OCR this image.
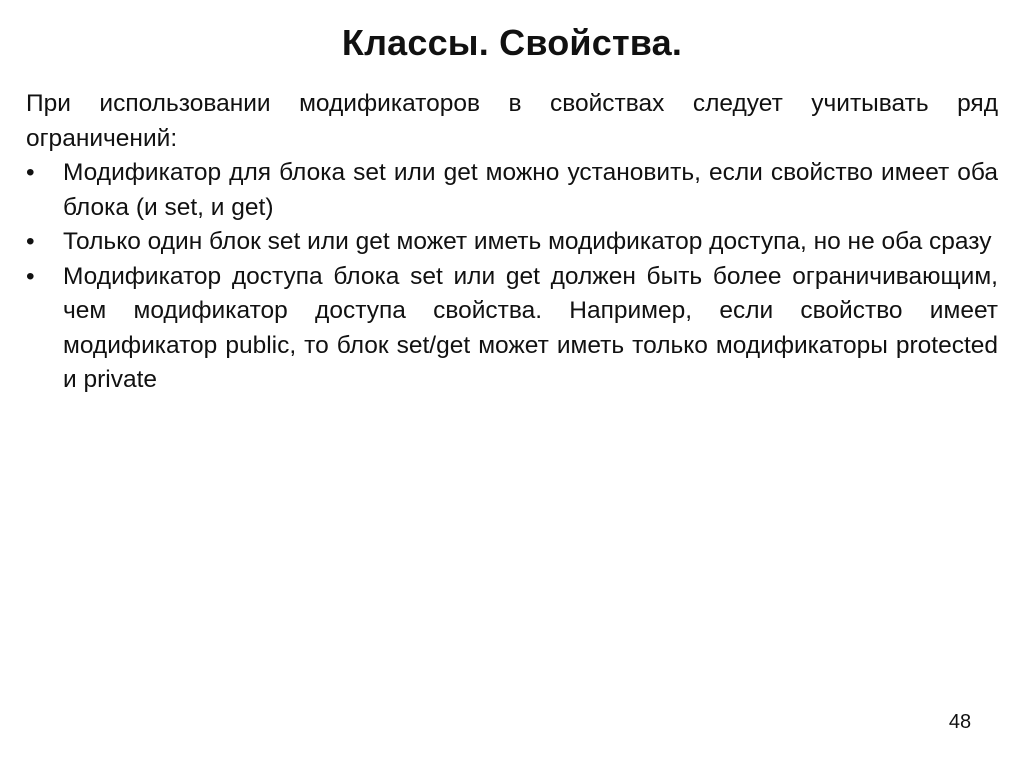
Классы. Свойства.

При использовании модификаторов в свойствах следует учитывать ряд ограничений:

•	Модификатор для блока set или get можно установить, если свойство имеет оба блока (и set, и get)
•	Только один блок set или get может иметь модификатор доступа, но не оба сразу
•	Модификатор доступа блока set или get должен быть более ограничивающим, чем модификатор доступа свойства. Например, если свойство имеет модификатор public, то блок set/get может иметь только модификаторы protected и private
48
